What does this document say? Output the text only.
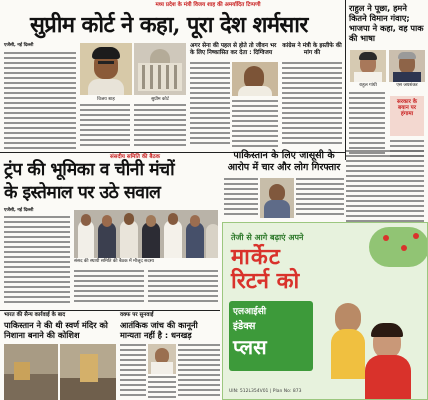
मध्य प्रदेश के मंत्री विजय शाह की अमर्यादित टिप्पणी
सुप्रीम कोर्ट ने कहा, पूरा देश शर्मसार
एजेंसी, नई दिल्ली
विजय शाह	सुप्रीम कोर्ट
अगर सेना की पहल से होते तो जीवन भर के लिए निष्कासित कर देता : दिग्विजय
कांग्रेस ने मंत्री के इस्तीफे की मांग की
राहुल ने पूछा, हमने कितने विमान गंवाए; भाजपा ने कहा, वह पाक की भाषा
राहुल गांधी	एस जयशंकर
सरकार के बयान पर हंगामा
संसदीय समिति की बैठक
ट्रंप की भूमिका व चीनी मंचों
के इस्तेमाल पर उठे सवाल
एजेंसी, नई दिल्ली
संसद की स्थायी समिति की बैठक में मौजूद सदस्य
पाकिस्तान के लिए जासूसी के आरोप में चार और लोग गिरफ्तार
तेजी से आगे बढ़ाएं अपने
मार्केट
रिटर्न को
एलआईसी
इंडेक्स
प्लस
UIN: 512L354V01 | Plan No: 873
भारत की सैन्य कार्रवाई के बाद
पाकिस्तान ने की थी स्वर्ण मंदिर को निशाना बनाने की कोशिश
वक्फ पर सुनवाई
आतंकिक जांच की कानूनी मान्यता नहीं है : धनखड़
